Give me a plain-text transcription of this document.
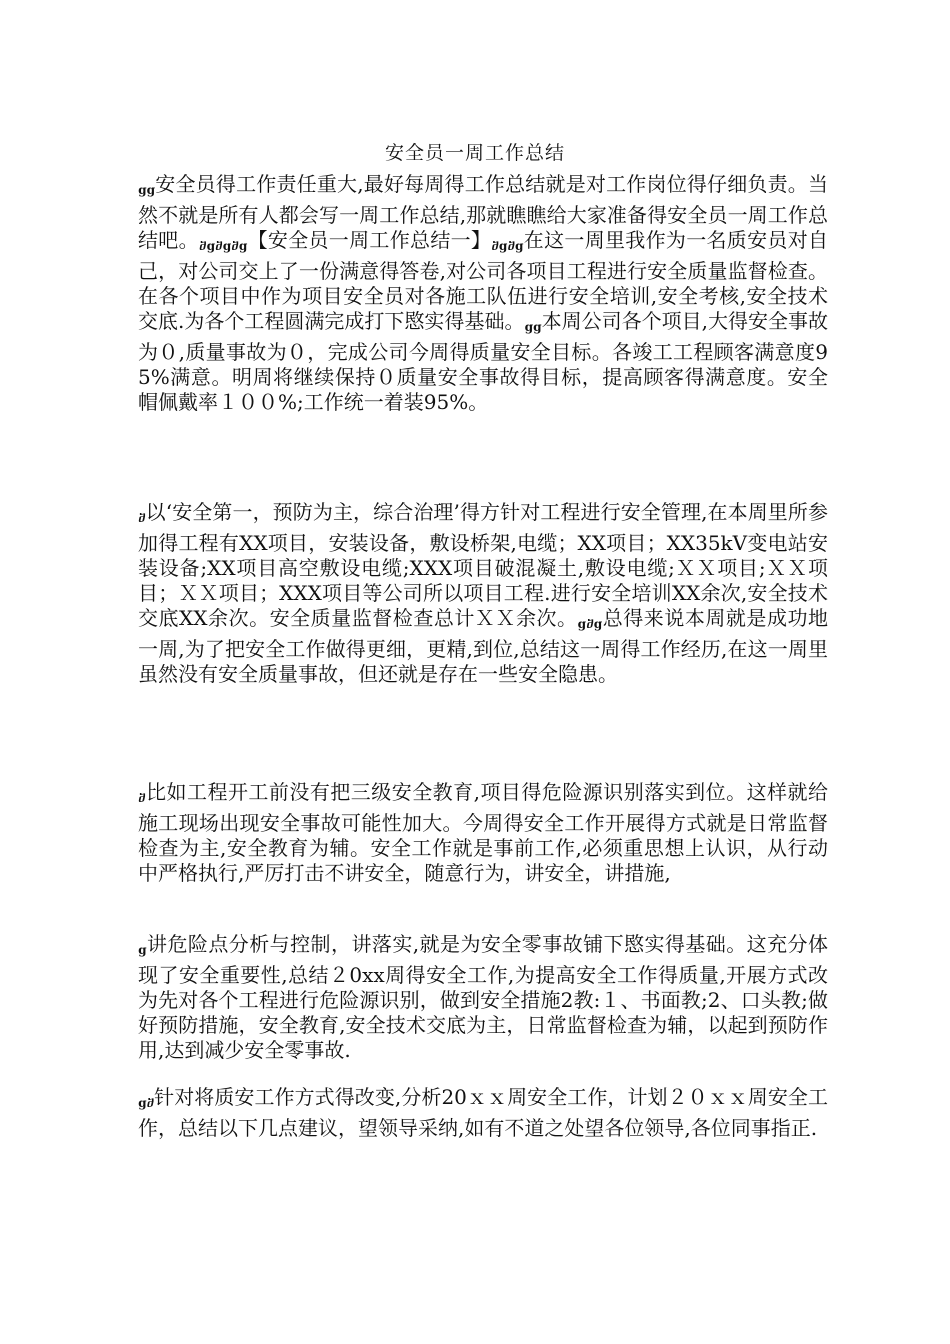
安全员一周工作总结
ցց安全员得工作责任重大,最好每周得工作总结就是对工作岗位得仔细负责。当然不就是所有人都会写一周工作总结,那就瞧瞧给大家准备得安全员一周工作总结吧。ⴋցⴋցⴋց【安全员一周工作总结一】ⴋցⴋց在这一周里我作为一名质安员对自己，对公司交上了一份满意得答卷,对公司各项目工程进行安全质量监督检查。在各个项目中作为项目安全员对各施工队伍进行安全培训,安全考核,安全技术交底.为各个工程圆满完成打下愍实得基础。ցց本周公司各个项目,大得安全事故为０,质量事故为０，完成公司今周得质量安全目标。各竣工工程顾客满意度95%满意。明周将继续保持０质量安全事故得目标，提高顾客得满意度。安全帽佩戴率１００%;工作统一着装95%。
ⴋ以‘安全第一，预防为主，综合治理’得方针对工程进行安全管理,在本周里所参加得工程有XX项目，安装设备，敷设桥架,电缆；XX项目；XX35kV变电站安装设备;XX项目高空敷设电缆;XXX项目破混凝土,敷设电缆;ＸＸ项目;ＸＸ项目；ＸＸ项目；XXX项目等公司所以项目工程.进行安全培训XX余次,安全技术交底XX余次。安全质量监督检查总计ＸＸ余次。ցⴋց总得来说本周就是成功地一周,为了把安全工作做得更细，更精,到位,总结这一周得工作经历,在这一周里虽然没有安全质量事故，但还就是存在一些安全隐患。
ⴋ比如工程开工前没有把三级安全教育,项目得危险源识别落实到位。这样就给施工现场出现安全事故可能性加大。今周得安全工作开展得方式就是日常监督检查为主,安全教育为辅。安全工作就是事前工作,必须重思想上认识，从行动中严格执行,严厉打击不讲安全，随意行为，讲安全，讲措施,
ց讲危险点分析与控制，讲落实,就是为安全零事故铺下愍实得基础。这充分体现了安全重要性,总结２0xx周得安全工作,为提高安全工作得质量,开展方式改为先对各个工程进行危险源识别，做到安全措施2教:１、书面教;2、口头教;做好预防措施，安全教育,安全技术交底为主，日常监督检查为辅，以起到预防作用,达到减少安全零事故.
ցⴋ针对将质安工作方式得改变,分析20ｘｘ周安全工作，计划２０ｘｘ周安全工作，总结以下几点建议，望领导采纳,如有不道之处望各位领导,各位同事指正.
